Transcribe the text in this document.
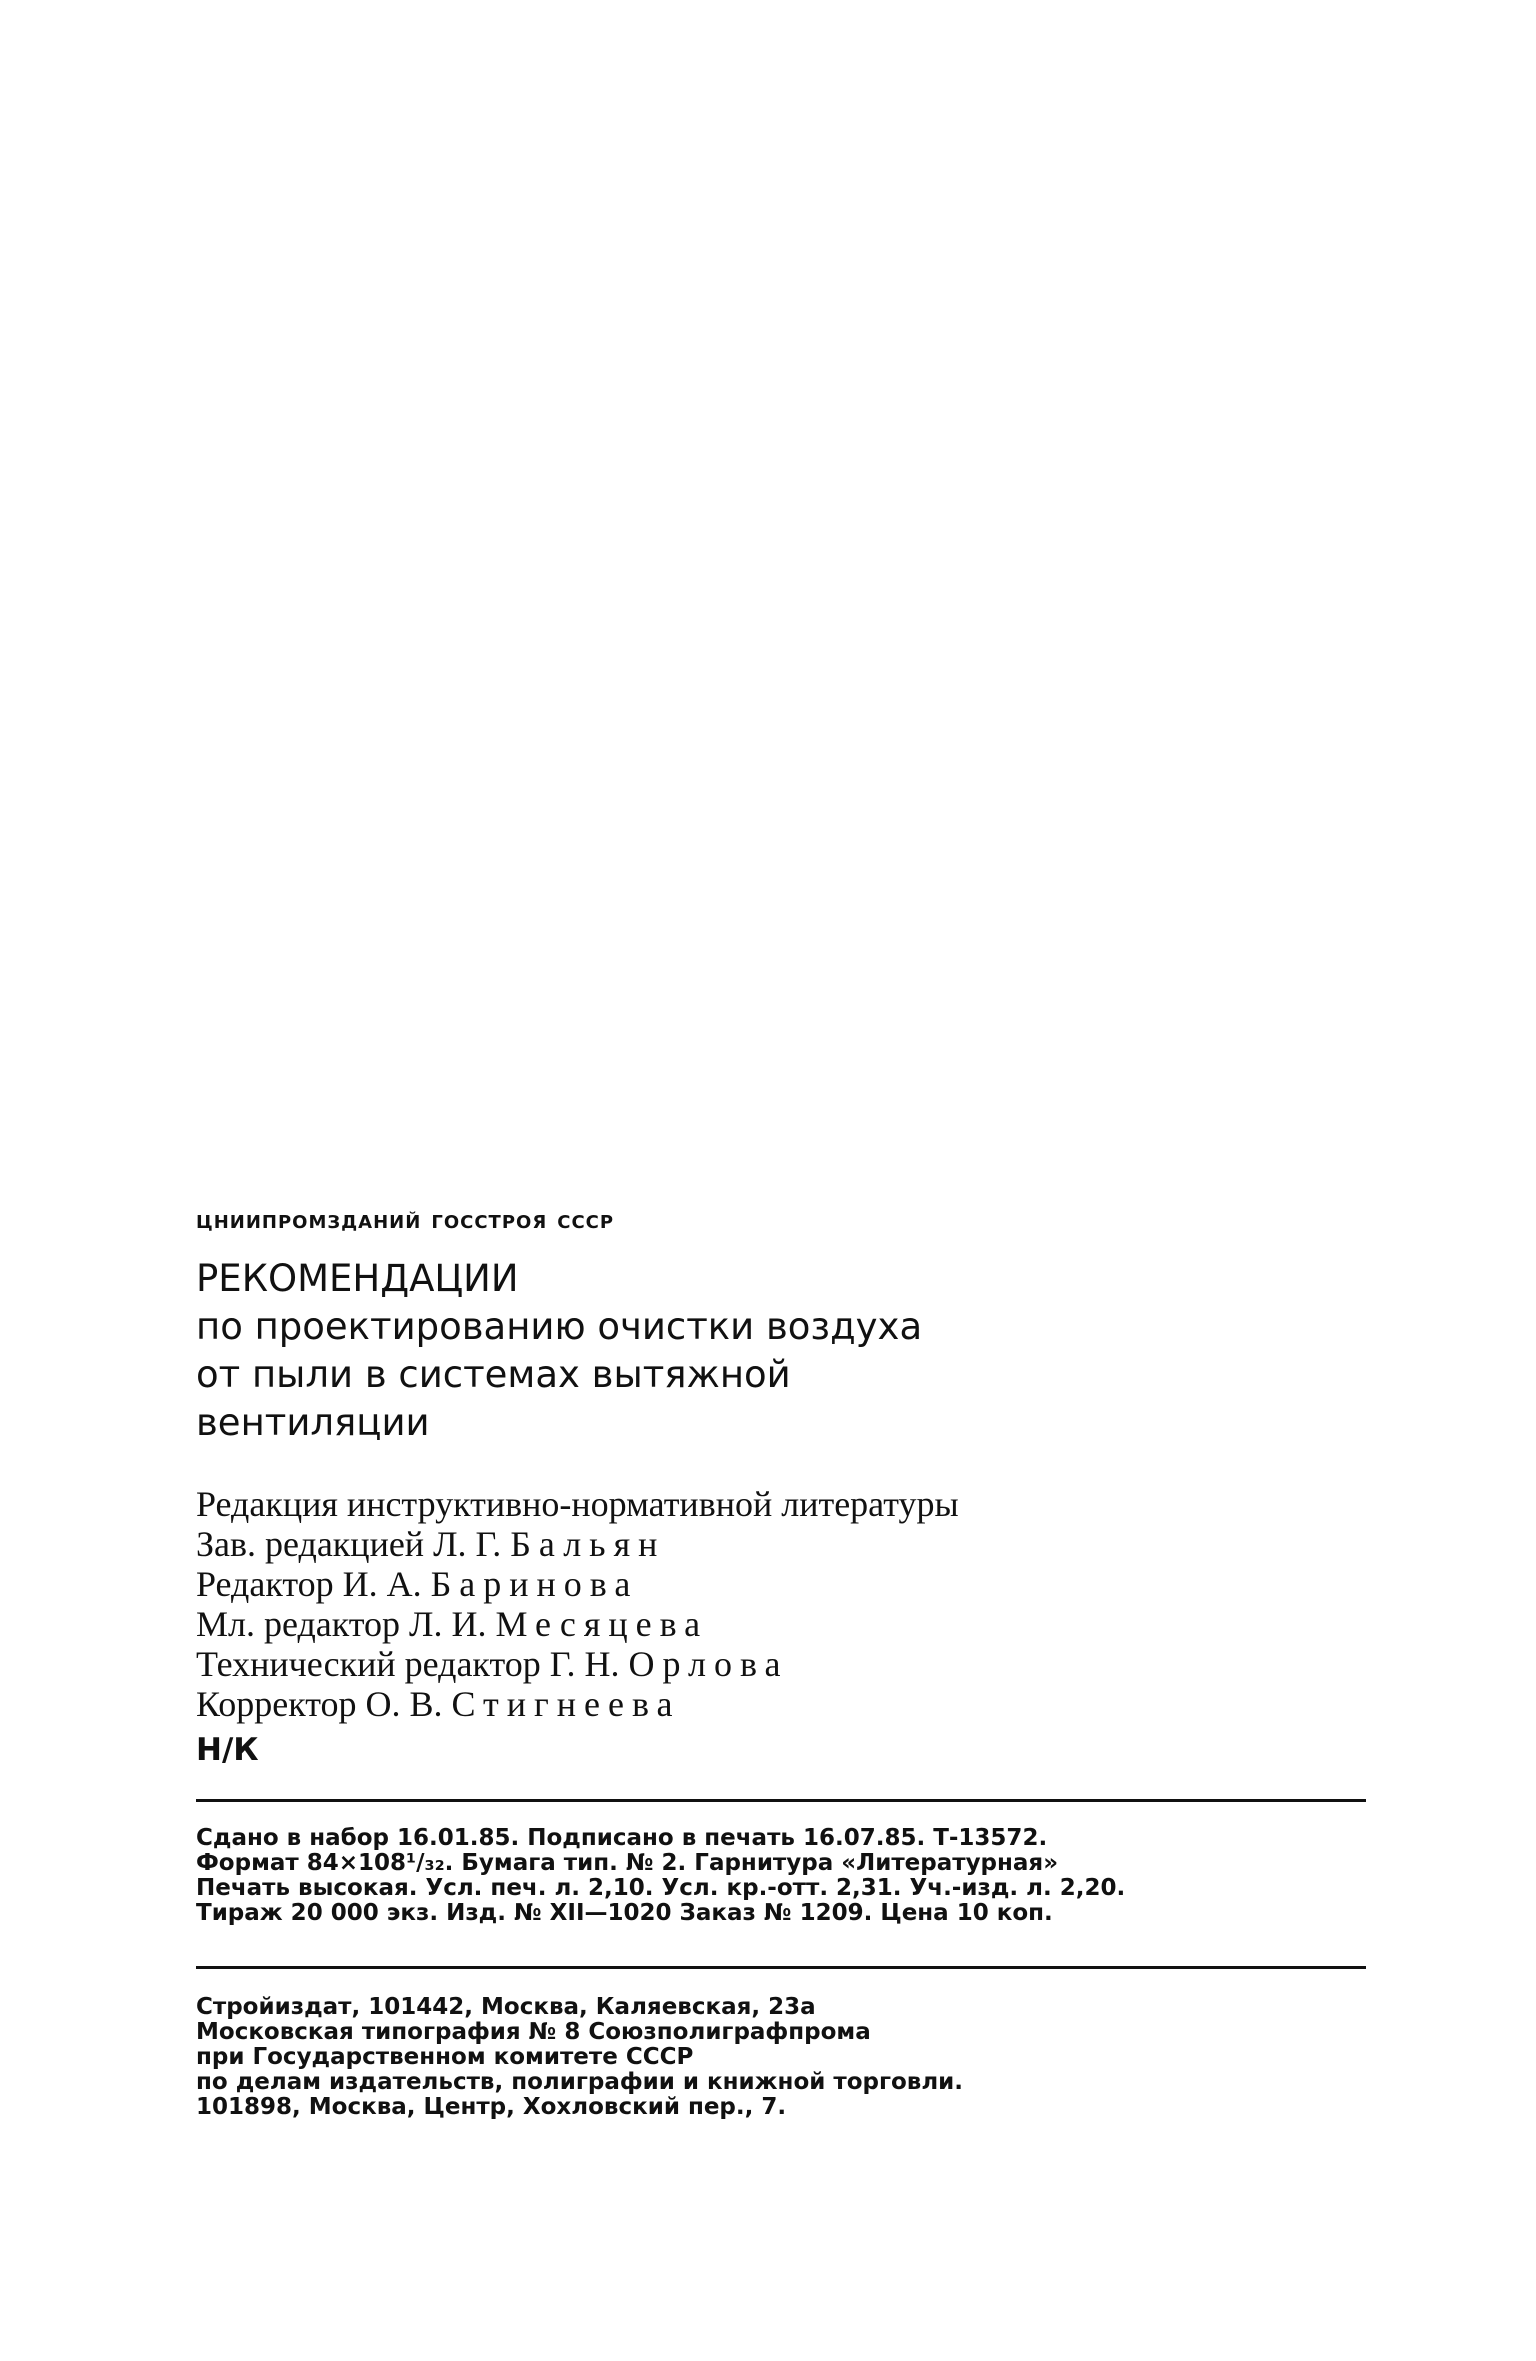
цниипромзданий госстроя ссср
РЕКОМЕНДАЦИИ
по проектированию очистки воздуха
от пыли в системах вытяжной
вентиляции
Редакция инструктивно-нормативной литературы
Зав. редакцией Л. Г. Бальян
Редактор И. А. Баринова
Мл. редактор Л. И. Месяцева
Технический редактор Г. Н. Орлова
Корректор О. В. Стигнеева
Н/К
Сдано в набор 16.01.85. Подписано в печать 16.07.85. Т-13572.
Формат 84×108¹/₃₂. Бумага тип. № 2. Гарнитура «Литературная»
Печать высокая. Усл. печ. л. 2,10. Усл. кр.-отт. 2,31. Уч.-изд. л. 2,20.
Тираж 20 000 экз. Изд. № XII—1020 Заказ № 1209. Цена 10 коп.
Стройиздат, 101442, Москва, Каляевская, 23а
Московская типография № 8 Союзполиграфпрома
при Государственном комитете СССР
по делам издательств, полиграфии и книжной торговли.
101898, Москва, Центр, Хохловский пер., 7.
